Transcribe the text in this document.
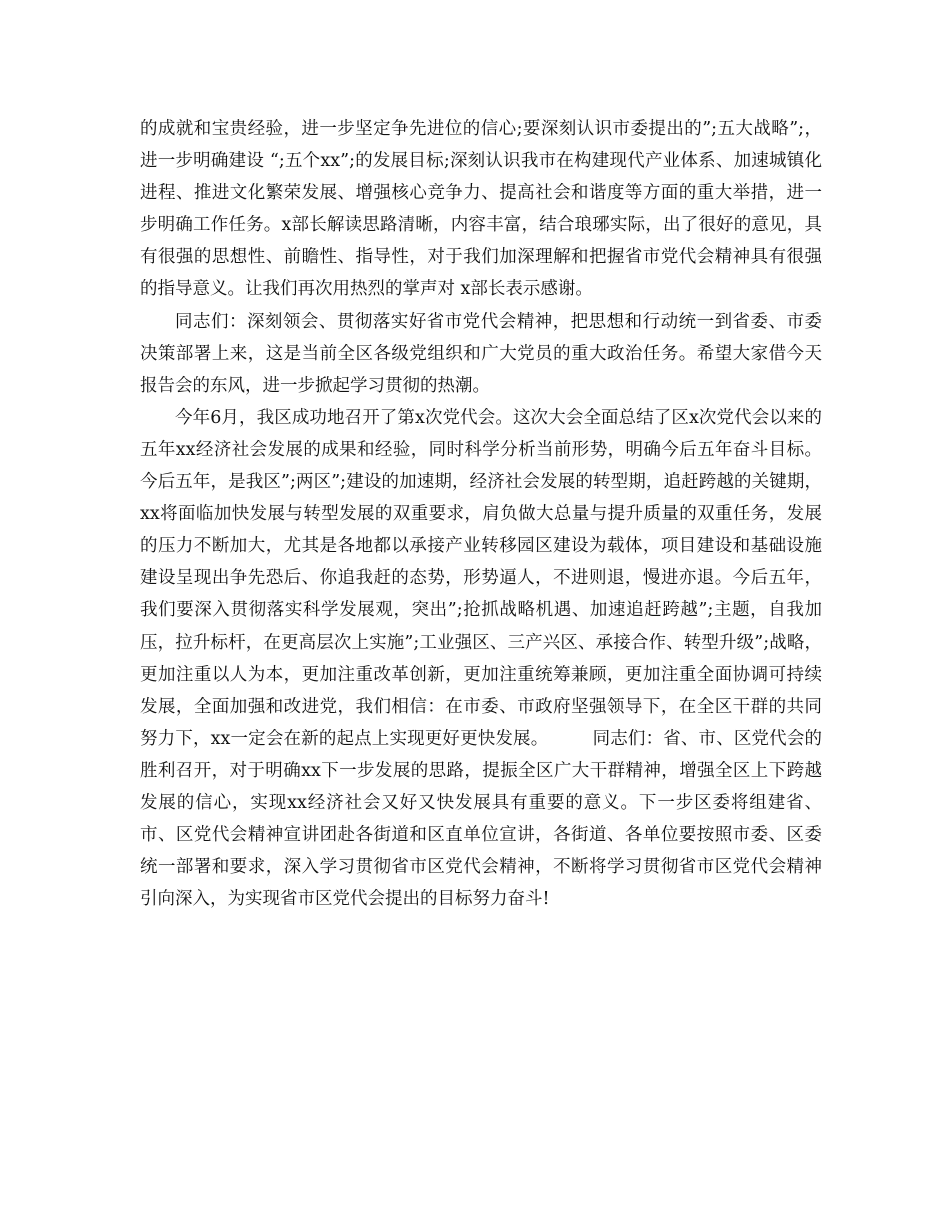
的成就和宝贵经验，进一步坚定争先进位的信心;要深刻认识市委提出的”;五大战略”;，进一步明确建设 “;五个xx”;的发展目标;深刻认识我市在构建现代产业体系、加速城镇化进程、推进文化繁荣发展、增强核心竞争力、提高社会和谐度等方面的重大举措，进一步明确工作任务。x部长解读思路清晰，内容丰富，结合琅琊实际，出了很好的意见，具有很强的思想性、前瞻性、指导性，对于我们加深理解和把握省市党代会精神具有很强的指导意义。让我们再次用热烈的掌声对 x部长表示感谢。

同志们：深刻领会、贯彻落实好省市党代会精神，把思想和行动统一到省委、市委决策部署上来，这是当前全区各级党组织和广大党员的重大政治任务。希望大家借今天报告会的东风，进一步掀起学习贯彻的热潮。

今年6月，我区成功地召开了第x次党代会。这次大会全面总结了区x次党代会以来的五年xx经济社会发展的成果和经验，同时科学分析当前形势，明确今后五年奋斗目标。今后五年，是我区”;两区”;建设的加速期，经济社会发展的转型期，追赶跨越的关键期，xx将面临加快发展与转型发展的双重要求，肩负做大总量与提升质量的双重任务，发展的压力不断加大，尤其是各地都以承接产业转移园区建设为载体，项目建设和基础设施建设呈现出争先恐后、你追我赶的态势，形势逼人，不进则退，慢进亦退。今后五年，我们要深入贯彻落实科学发展观，突出”;抢抓战略机遇、加速追赶跨越”;主题，自我加压，拉升标杆，在更高层次上实施”;工业强区、三产兴区、承接合作、转型升级”;战略，更加注重以人为本，更加注重改革创新，更加注重统筹兼顾，更加注重全面协调可持续发展，全面加强和改进党，我们相信：在市委、市政府坚强领导下，在全区干群的共同努力下，xx一定会在新的起点上实现更好更快发展。　　　同志们：省、市、区党代会的胜利召开，对于明确xx下一步发展的思路，提振全区广大干群精神，增强全区上下跨越发展的信心，实现xx经济社会又好又快发展具有重要的意义。下一步区委将组建省、市、区党代会精神宣讲团赴各街道和区直单位宣讲，各街道、各单位要按照市委、区委统一部署和要求，深入学习贯彻省市区党代会精神，不断将学习贯彻省市区党代会精神引向深入，为实现省市区党代会提出的目标努力奋斗!
